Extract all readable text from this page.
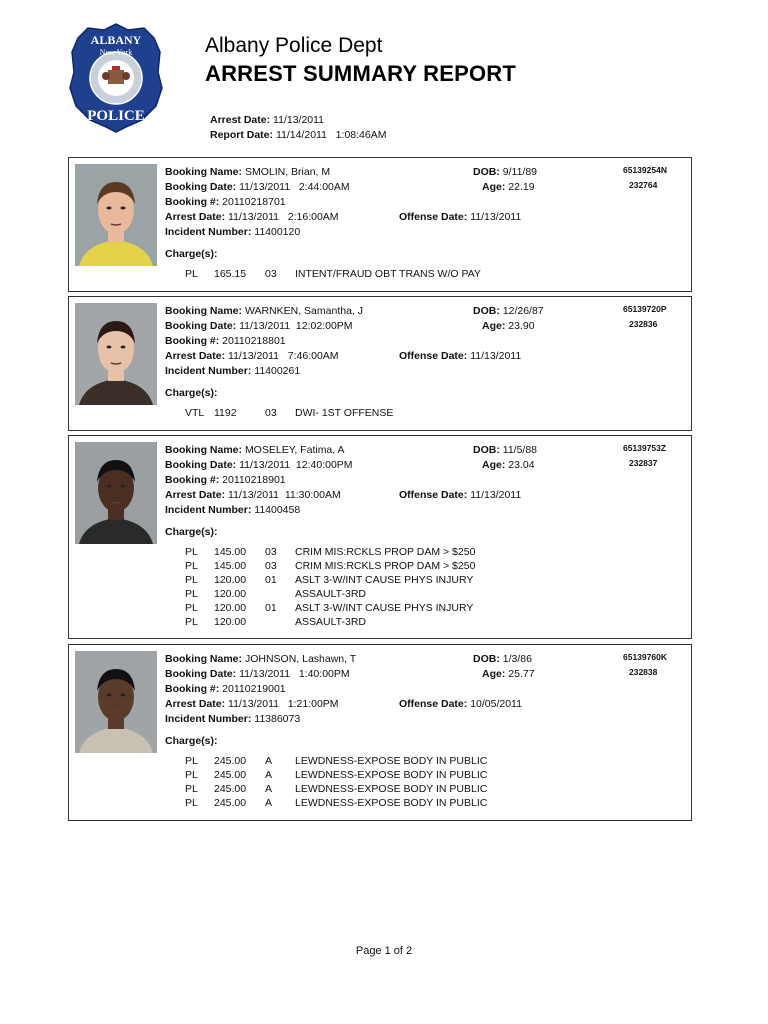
ALBANY
New York
POLICE
Albany Police Dept
ARREST SUMMARY REPORT
Arrest Date: 11/13/2011
Report Date: 11/14/2011   1:08:46AM
Booking Name: SMOLIN, Brian, M
Booking Date: 11/13/2011   2:44:00AM
Booking #: 20110218701
Arrest Date: 11/13/2011   2:16:00AM
Incident Number: 11400120
Charge(s):
DOB: 9/11/89
Age: 22.19
Offense Date: 11/13/2011
65139254N
232764
PL 165.15 03 INTENT/FRAUD OBT TRANS W/O PAY
Booking Name: WARNKEN, Samantha, J
Booking Date: 11/13/2011  12:02:00PM
Booking #: 20110218801
Arrest Date: 11/13/2011   7:46:00AM
Incident Number: 11400261
Charge(s):
DOB: 12/26/87
Age: 23.90
Offense Date: 11/13/2011
65139720P
232836
VTL 1192	03 DWI- 1ST OFFENSE
Booking Name: MOSELEY, Fatima, A
Booking Date: 11/13/2011  12:40:00PM
Booking #: 20110218901
Arrest Date: 11/13/2011  11:30:00AM
Incident Number: 11400458
Charge(s):
DOB: 11/5/88
Age: 23.04
Offense Date: 11/13/2011
65139753Z
232837
PL 145.00 03 CRIM MIS:RCKLS PROP DAM > $250
PL 145.00 03 CRIM MIS:RCKLS PROP DAM > $250
PL 120.00 01 ASLT 3-W/INT CAUSE PHYS INJURY
PL 120.00	ASSAULT-3RD
PL 120.00 01 ASLT 3-W/INT CAUSE PHYS INJURY
PL 120.00	ASSAULT-3RD
Booking Name: JOHNSON, Lashawn, T
Booking Date: 11/13/2011   1:40:00PM
Booking #: 20110219001
Arrest Date: 11/13/2011   1:21:00PM
Incident Number: 11386073
Charge(s):
DOB: 1/3/86
Age: 25.77
Offense Date: 10/05/2011
65139760K
232838
PL 245.00 A LEWDNESS-EXPOSE BODY IN PUBLIC
PL 245.00 A LEWDNESS-EXPOSE BODY IN PUBLIC
PL 245.00 A LEWDNESS-EXPOSE BODY IN PUBLIC
PL 245.00 A LEWDNESS-EXPOSE BODY IN PUBLIC
Page 1 of 2
